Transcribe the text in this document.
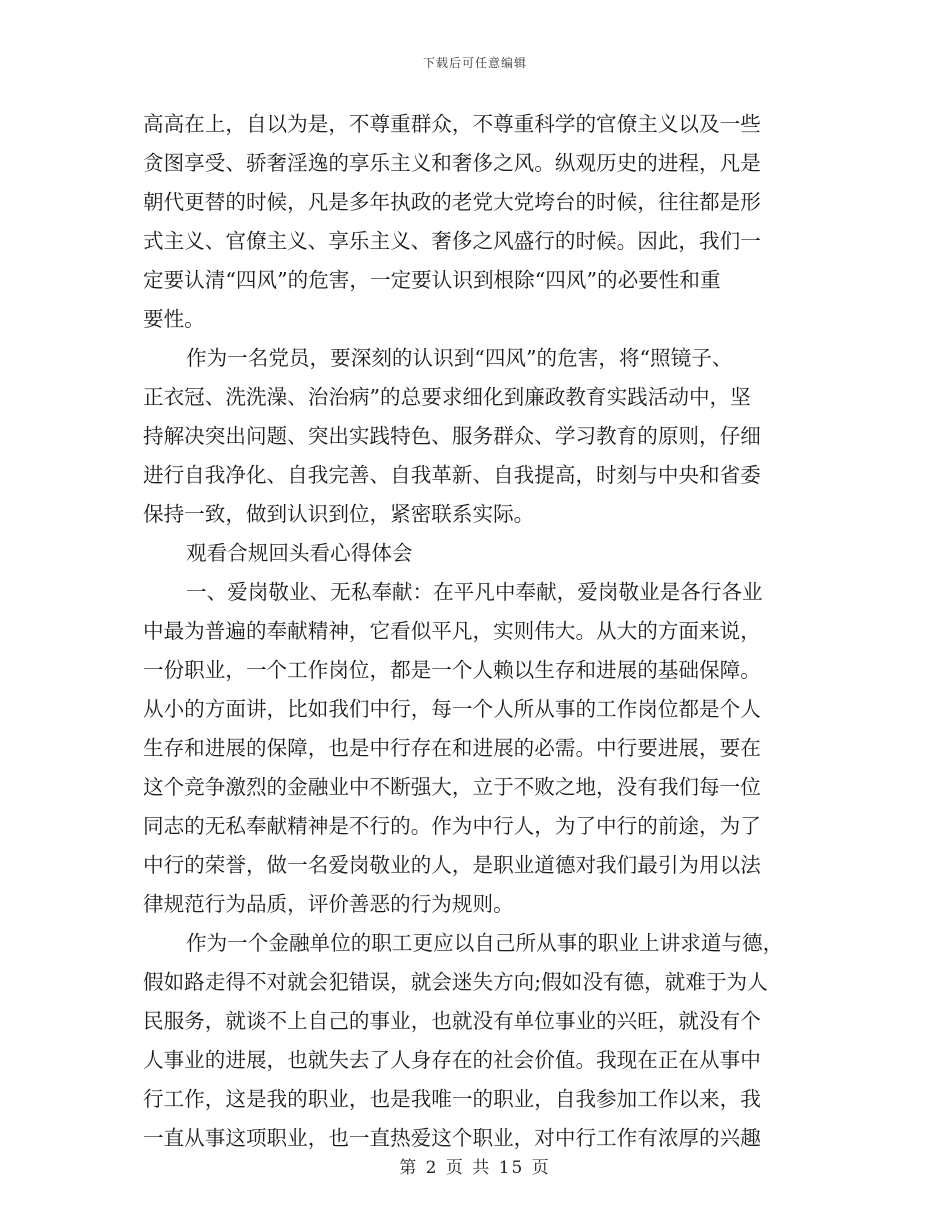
下载后可任意编辑
高高在上，自以为是，不尊重群众，不尊重科学的官僚主义以及一些
贪图享受、骄奢淫逸的享乐主义和奢侈之风。纵观历史的进程，凡是
朝代更替的时候，凡是多年执政的老党大党垮台的时候，往往都是形
式主义、官僚主义、享乐主义、奢侈之风盛行的时候。因此，我们一
定要认清“四风”的危害，一定要认识到根除“四风”的必要性和重
要性。
作为一名党员，要深刻的认识到“四风”的危害，将“照镜子、
正衣冠、洗洗澡、治治病”的总要求细化到廉政教育实践活动中，坚
持解决突出问题、突出实践特色、服务群众、学习教育的原则，仔细
进行自我净化、自我完善、自我革新、自我提高，时刻与中央和省委
保持一致，做到认识到位，紧密联系实际。
观看合规回头看心得体会
一、爱岗敬业、无私奉献：在平凡中奉献，爱岗敬业是各行各业
中最为普遍的奉献精神，它看似平凡，实则伟大。从大的方面来说，
一份职业，一个工作岗位，都是一个人赖以生存和进展的基础保障。
从小的方面讲，比如我们中行，每一个人所从事的工作岗位都是个人
生存和进展的保障，也是中行存在和进展的必需。中行要进展，要在
这个竞争激烈的金融业中不断强大，立于不败之地，没有我们每一位
同志的无私奉献精神是不行的。作为中行人，为了中行的前途，为了
中行的荣誉，做一名爱岗敬业的人，是职业道德对我们最引为用以法
律规范行为品质，评价善恶的行为规则。
作为一个金融单位的职工更应以自己所从事的职业上讲求道与德，
假如路走得不对就会犯错误，就会迷失方向;假如没有德，就难于为人
民服务，就谈不上自己的事业，也就没有单位事业的兴旺，就没有个
人事业的进展，也就失去了人身存在的社会价值。我现在正在从事中
行工作，这是我的职业，也是我唯一的职业，自我参加工作以来，我
一直从事这项职业，也一直热爱这个职业，对中行工作有浓厚的兴趣
第 2 页 共 15 页
